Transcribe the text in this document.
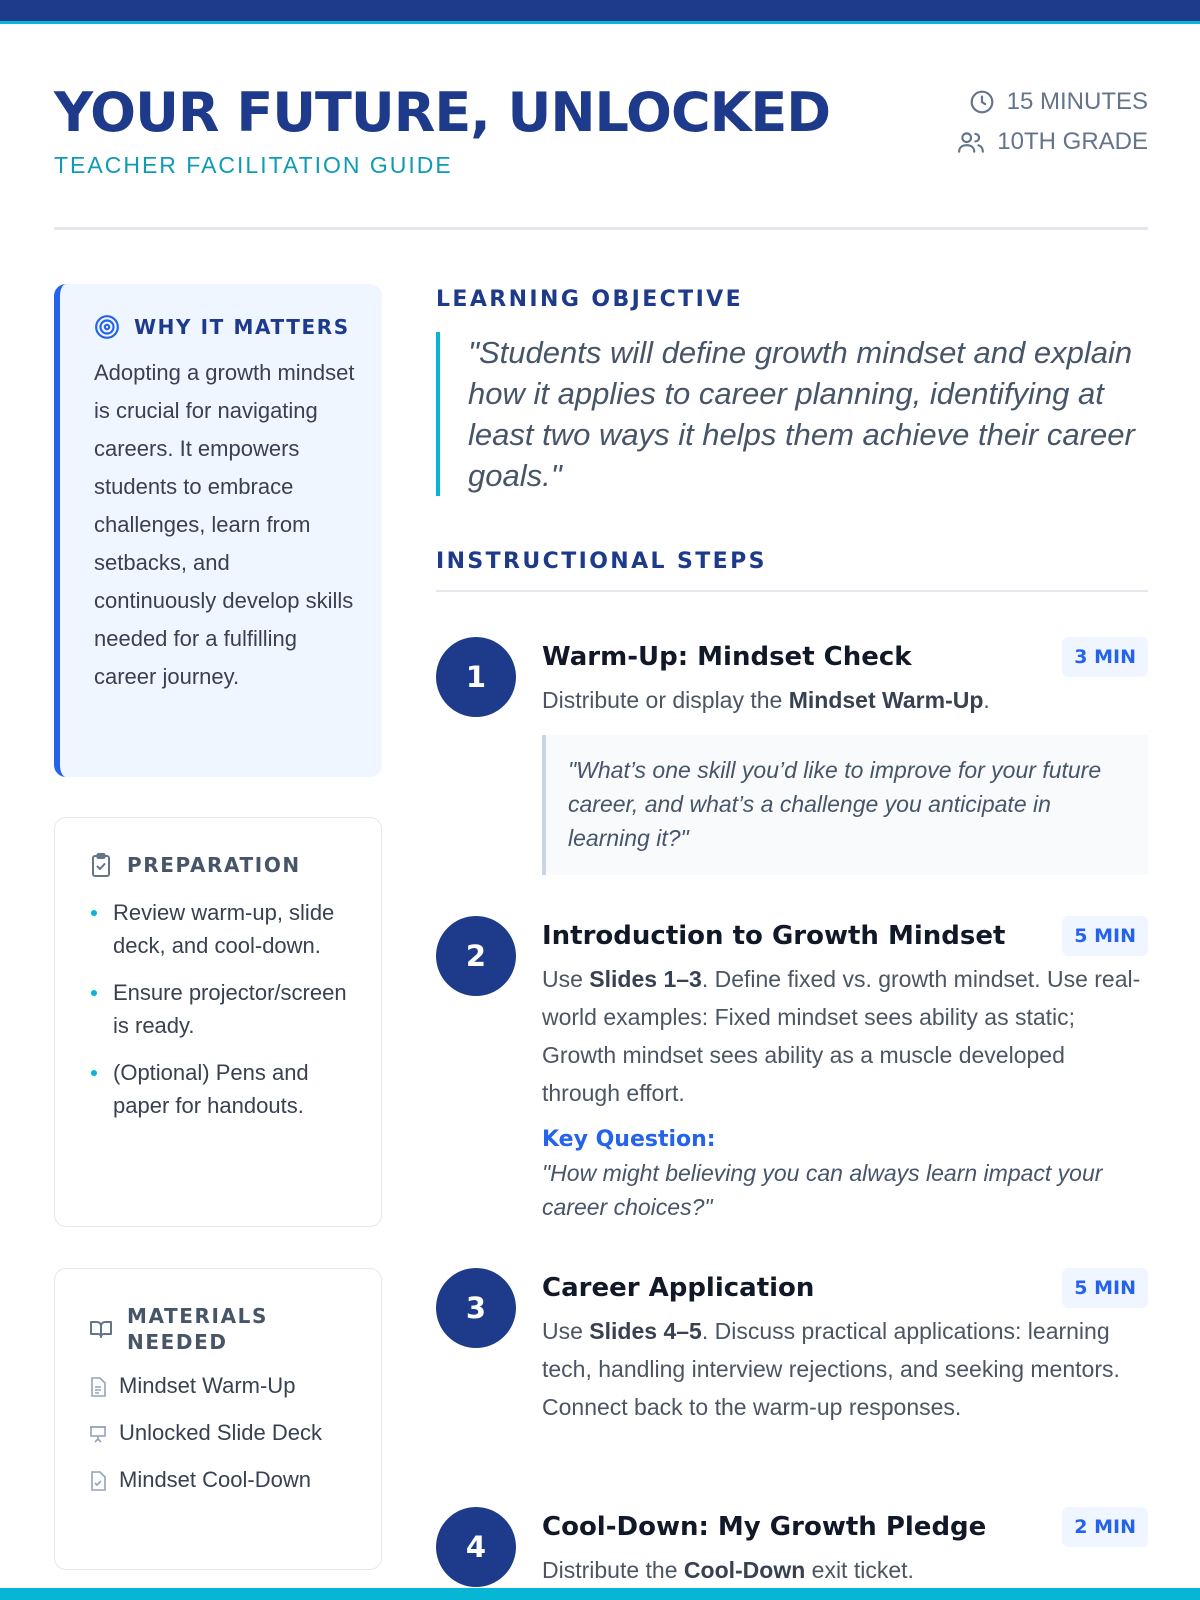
YOUR FUTURE, UNLOCKED
TEACHER FACILITATION GUIDE
15 MINUTES
10TH GRADE
WHY IT MATTERS

Adopting a growth mindset is crucial for navigating careers. It empowers students to embrace challenges, learn from setbacks, and continuously develop skills needed for a fulfilling career journey.

PREPARATION
Review warm-up, slide deck, and cool-down.
Ensure projector/screen is ready.
(Optional) Pens and paper for handouts.
MATERIALS NEEDED
Mindset Warm-Up
Unlocked Slide Deck
Mindset Cool-Down
LEARNING OBJECTIVE
"Students will define growth mindset and explain how it applies to career planning, identifying at least two ways it helps them achieve their career goals."
INSTRUCTIONAL STEPS
1
Warm-Up: Mindset Check	3 MIN

Distribute or display the Mindset Warm-Up.

"What’s one skill you’d like to improve for your future career, and what’s a challenge you anticipate in learning it?"
2
Introduction to Growth Mindset	5 MIN

Use Slides 1–3. Define fixed vs. growth mindset. Use real-world examples: Fixed mindset sees ability as static; Growth mindset sees ability as a muscle developed through effort.

Key Question:
"How might believing you can always learn impact your career choices?"
3
Career Application	5 MIN

Use Slides 4–5. Discuss practical applications: learning tech, handling interview rejections, and seeking mentors. Connect back to the warm-up responses.

4
Cool-Down: My Growth Pledge	2 MIN

Distribute the Cool-Down exit ticket.
